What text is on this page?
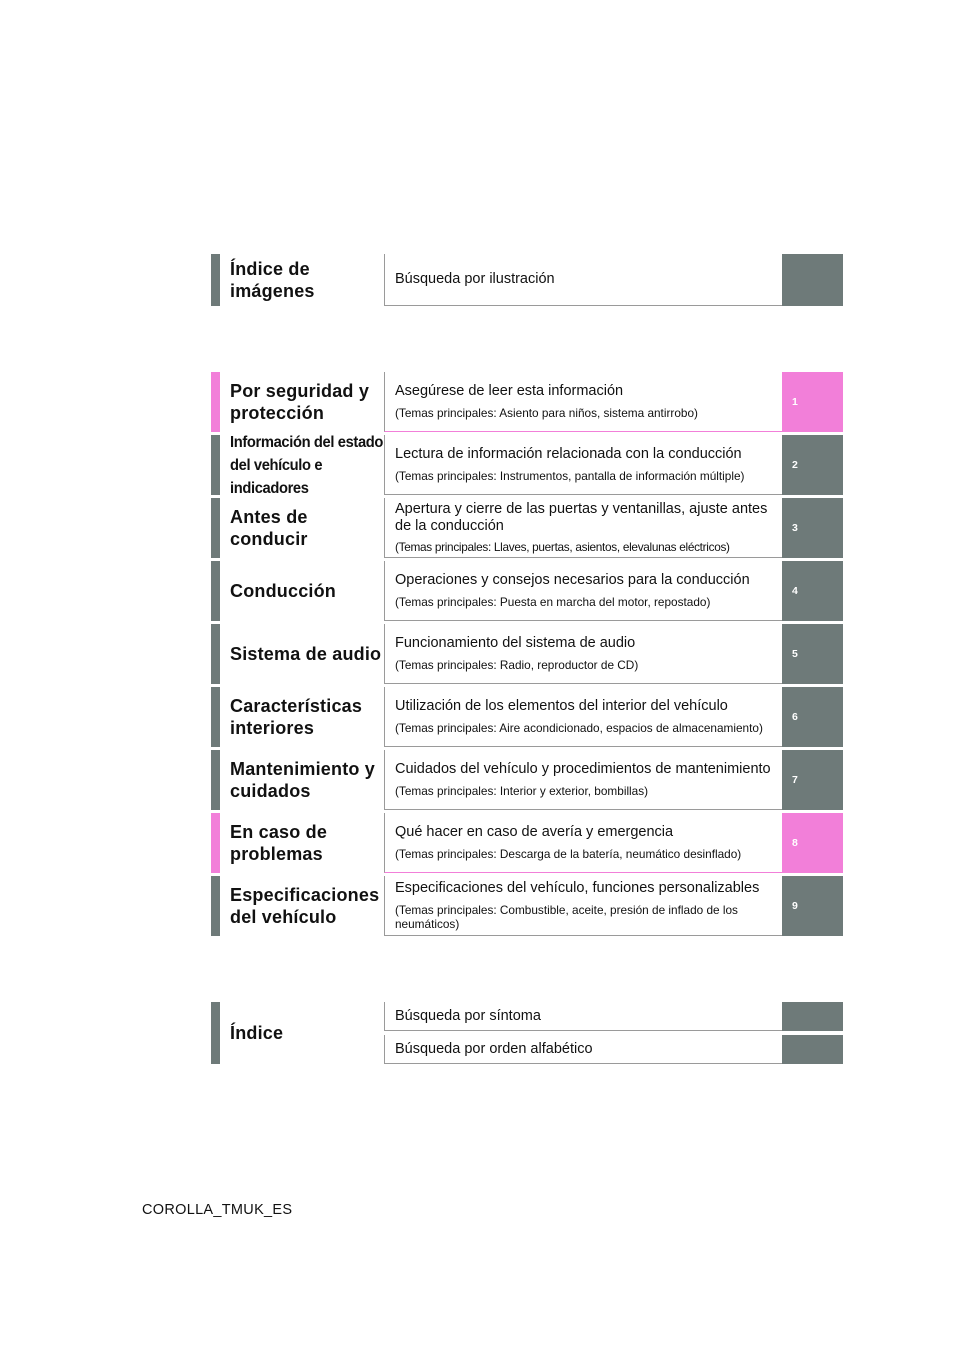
Índice de imágenes
Búsqueda por ilustración
Por seguridad y protección
Asegúrese de leer esta información
(Temas principales: Asiento para niños, sistema antirrobo)
1
Información del estado del vehículo e indicadores
Lectura de información relacionada con la conducción
(Temas principales: Instrumentos, pantalla de información múltiple)
2
Antes de conducir
Apertura y cierre de las puertas y ventanillas, ajuste antes de la conducción
(Temas principales: Llaves, puertas, asientos, elevalunas eléctricos)
3
Conducción
Operaciones y consejos necesarios para la conducción
(Temas principales: Puesta en marcha del motor, repostado)
4
Sistema de audio
Funcionamiento del sistema de audio
(Temas principales: Radio, reproductor de CD)
5
Características interiores
Utilización de los elementos del interior del vehículo
(Temas principales: Aire acondicionado, espacios de almacenamiento)
6
Mantenimiento y cuidados
Cuidados del vehículo y procedimientos de mantenimiento
(Temas principales: Interior y exterior, bombillas)
7
En caso de problemas
Qué hacer en caso de avería y emergencia
(Temas principales: Descarga de la batería, neumático desinflado)
8
Especificaciones del vehículo
Especificaciones del vehículo, funciones personalizables
(Temas principales: Combustible, aceite, presión de inflado de los neumáticos)
9
Índice
Búsqueda por síntoma
Búsqueda por orden alfabético
COROLLA_TMUK_ES
